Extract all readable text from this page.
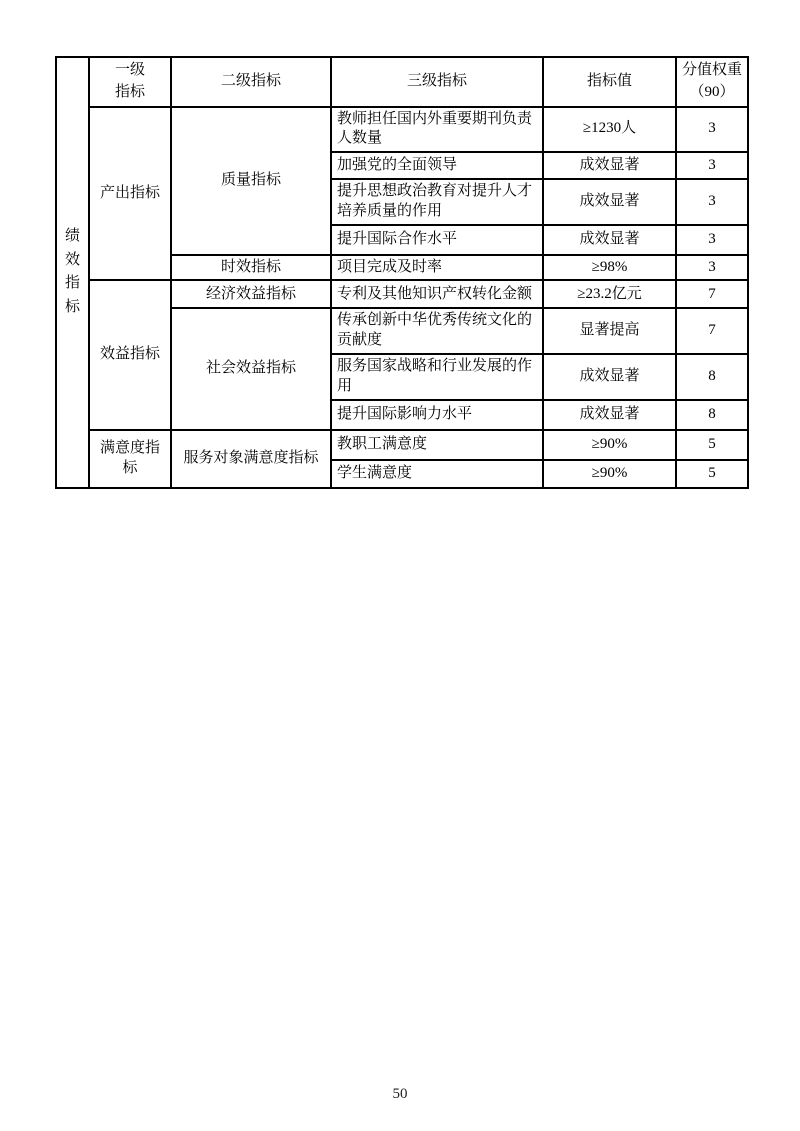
绩效指标	一级指标	二级指标	三级指标	指标值	分值权重（90）
	产出指标	质量指标	教师担任国内外重要期刊负责人数量	≥1230人	3
			加强党的全面领导	成效显著	3
			提升思想政治教育对提升人才培养质量的作用	成效显著	3
			提升国际合作水平	成效显著	3
		时效指标	项目完成及时率	≥98%	3
	效益指标	经济效益指标	专利及其他知识产权转化金额	≥23.2亿元	7
		社会效益指标	传承创新中华优秀传统文化的贡献度	显著提高	7
			服务国家战略和行业发展的作用	成效显著	8
			提升国际影响力水平	成效显著	8
	满意度指标	服务对象满意度指标	教职工满意度	≥90%	5
			学生满意度	≥90%	5
50
